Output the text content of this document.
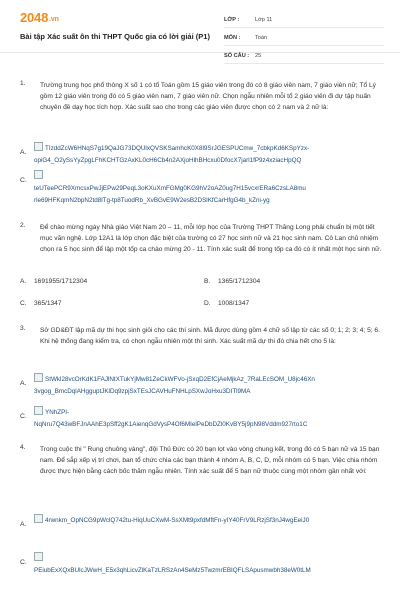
2048.vn
Bài tập Xác suất ôn thi THPT Quốc gia có lời giải (P1)
LỚP :	Lớp 11
MÔN :	Toán
SỐ CÂU :	25
1. Trường trung học phổ thông X số 1 có tổ Toán gồm 15 giáo viên trong đó có 8 giáo viên nam, 7 giáo viên nữ; Tổ Lý gồm 12 giáo viên trong đó có 5 giáo viên nam, 7 giáo viên nữ. Chọn ngẫu nhiên mỗi tổ 2 giáo viên đi dự tập huấn chuyên đề dạy học tích hợp. Xác suất sao cho trong các giáo viên được chọn có 2 nam và 2 nữ là:
A.
TIzddZcW6HNqS7g19QaJG73DQUlxQVSKSamhcK0X8l9SrJGESPUCmw_7cbkpKd6KSpYzx-
opiG4_O2ySsYyZpgLFhKCHTGzAxKL0cH6Cb4n2AXjoHlhBHcxu0DfocX7jarl1fP9z4xziacHpQQ
C.
teUTeePCR9XmcsxPwJjEPw29PeqL3oKXuXmFGMg0KG9hV2oAZ0ug7H15vcxrERa6CzsLA8mu
rle69HFKqmN2bpN2td8lTg-tp8TuodRb_XvBGvE9W2esB2DSlKfCarHfgG4b_kZni-yg
2. Để chào mừng ngày Nhà giáo Việt Nam 20 – 11, mỗi lớp học của Trường THPT Thăng Long phải chuẩn bị một tiết mục văn nghệ. Lớp 12A1 là lớp chọn đặc biệt của trường có 27 học sinh nữ và 21 học sinh nam. Cô Lan chủ nhiệm chọn ra 5 học sinh để lập một tốp ca chào mừng 20 - 11. Tính xác suất để trong tốp ca đó có ít nhất một học sinh nữ.
A. 1691955/1712304	B. 1365/1712304
C. 365/1347	D. 1008/1347
3. Sở GD&ĐT lập mã dự thi học sinh giỏi cho các thí sinh. Mã được dùng gồm 4 chữ số lập từ các số 0; 1; 2; 3; 4; 5; 6. Khi hệ thống đang kiểm tra, có chọn ngẫu nhiên một thí sinh. Xác suất mã dự thi đó chia hết cho 5 là:
A.
StWkl28vcOrKdK1FAJlNtXTukYjMw81ZeCkWFVo-jSxqD2EfCjAeMjkAz_7RaLEcSOM_U8jc46Xn
3vgog_BmcDqlAHgguptJKlDq9zpjSxTEsJCAVHuFNHLpSXwJoHxu3DITl9MA
C.
YNhZPI-
NqNru7Q43wBFJnAAhE3pSff2gK1AienqGdVysP4Of6MIelPeDbDZl0KvBY5j9pN98Vddm927rto1C
4. Trong cuộc thi " Rung chuông vàng", đội Thủ Đức có 20 bạn lọt vào vòng chung kết, trong đó có 5 bạn nữ và 15 bạn nam. Để sắp xếp vị trí chơi, ban tổ chức chia các bạn thành 4 nhóm A, B, C, D, mỗi nhóm có 5 bạn. Việc chia nhóm được thực hiện bằng cách bốc thăm ngẫu nhiên. Tính xác suất để 5 bạn nữ thuộc cùng một nhóm gần nhất với:
A.
4rwnkm_OpNCG9pWclQ742tu-HiqUuCXwM-SsXMt9pxfdMftFn-yIY40FrV9LRzjSf3nJ4wgEeiJ0
C.
PEiubExXQxBUlcJWwH_E5x3qhLicvZlKaTzLRSzAn4SeMz5TwzmrEBIQFLSApusmwbh38eW0tLM
